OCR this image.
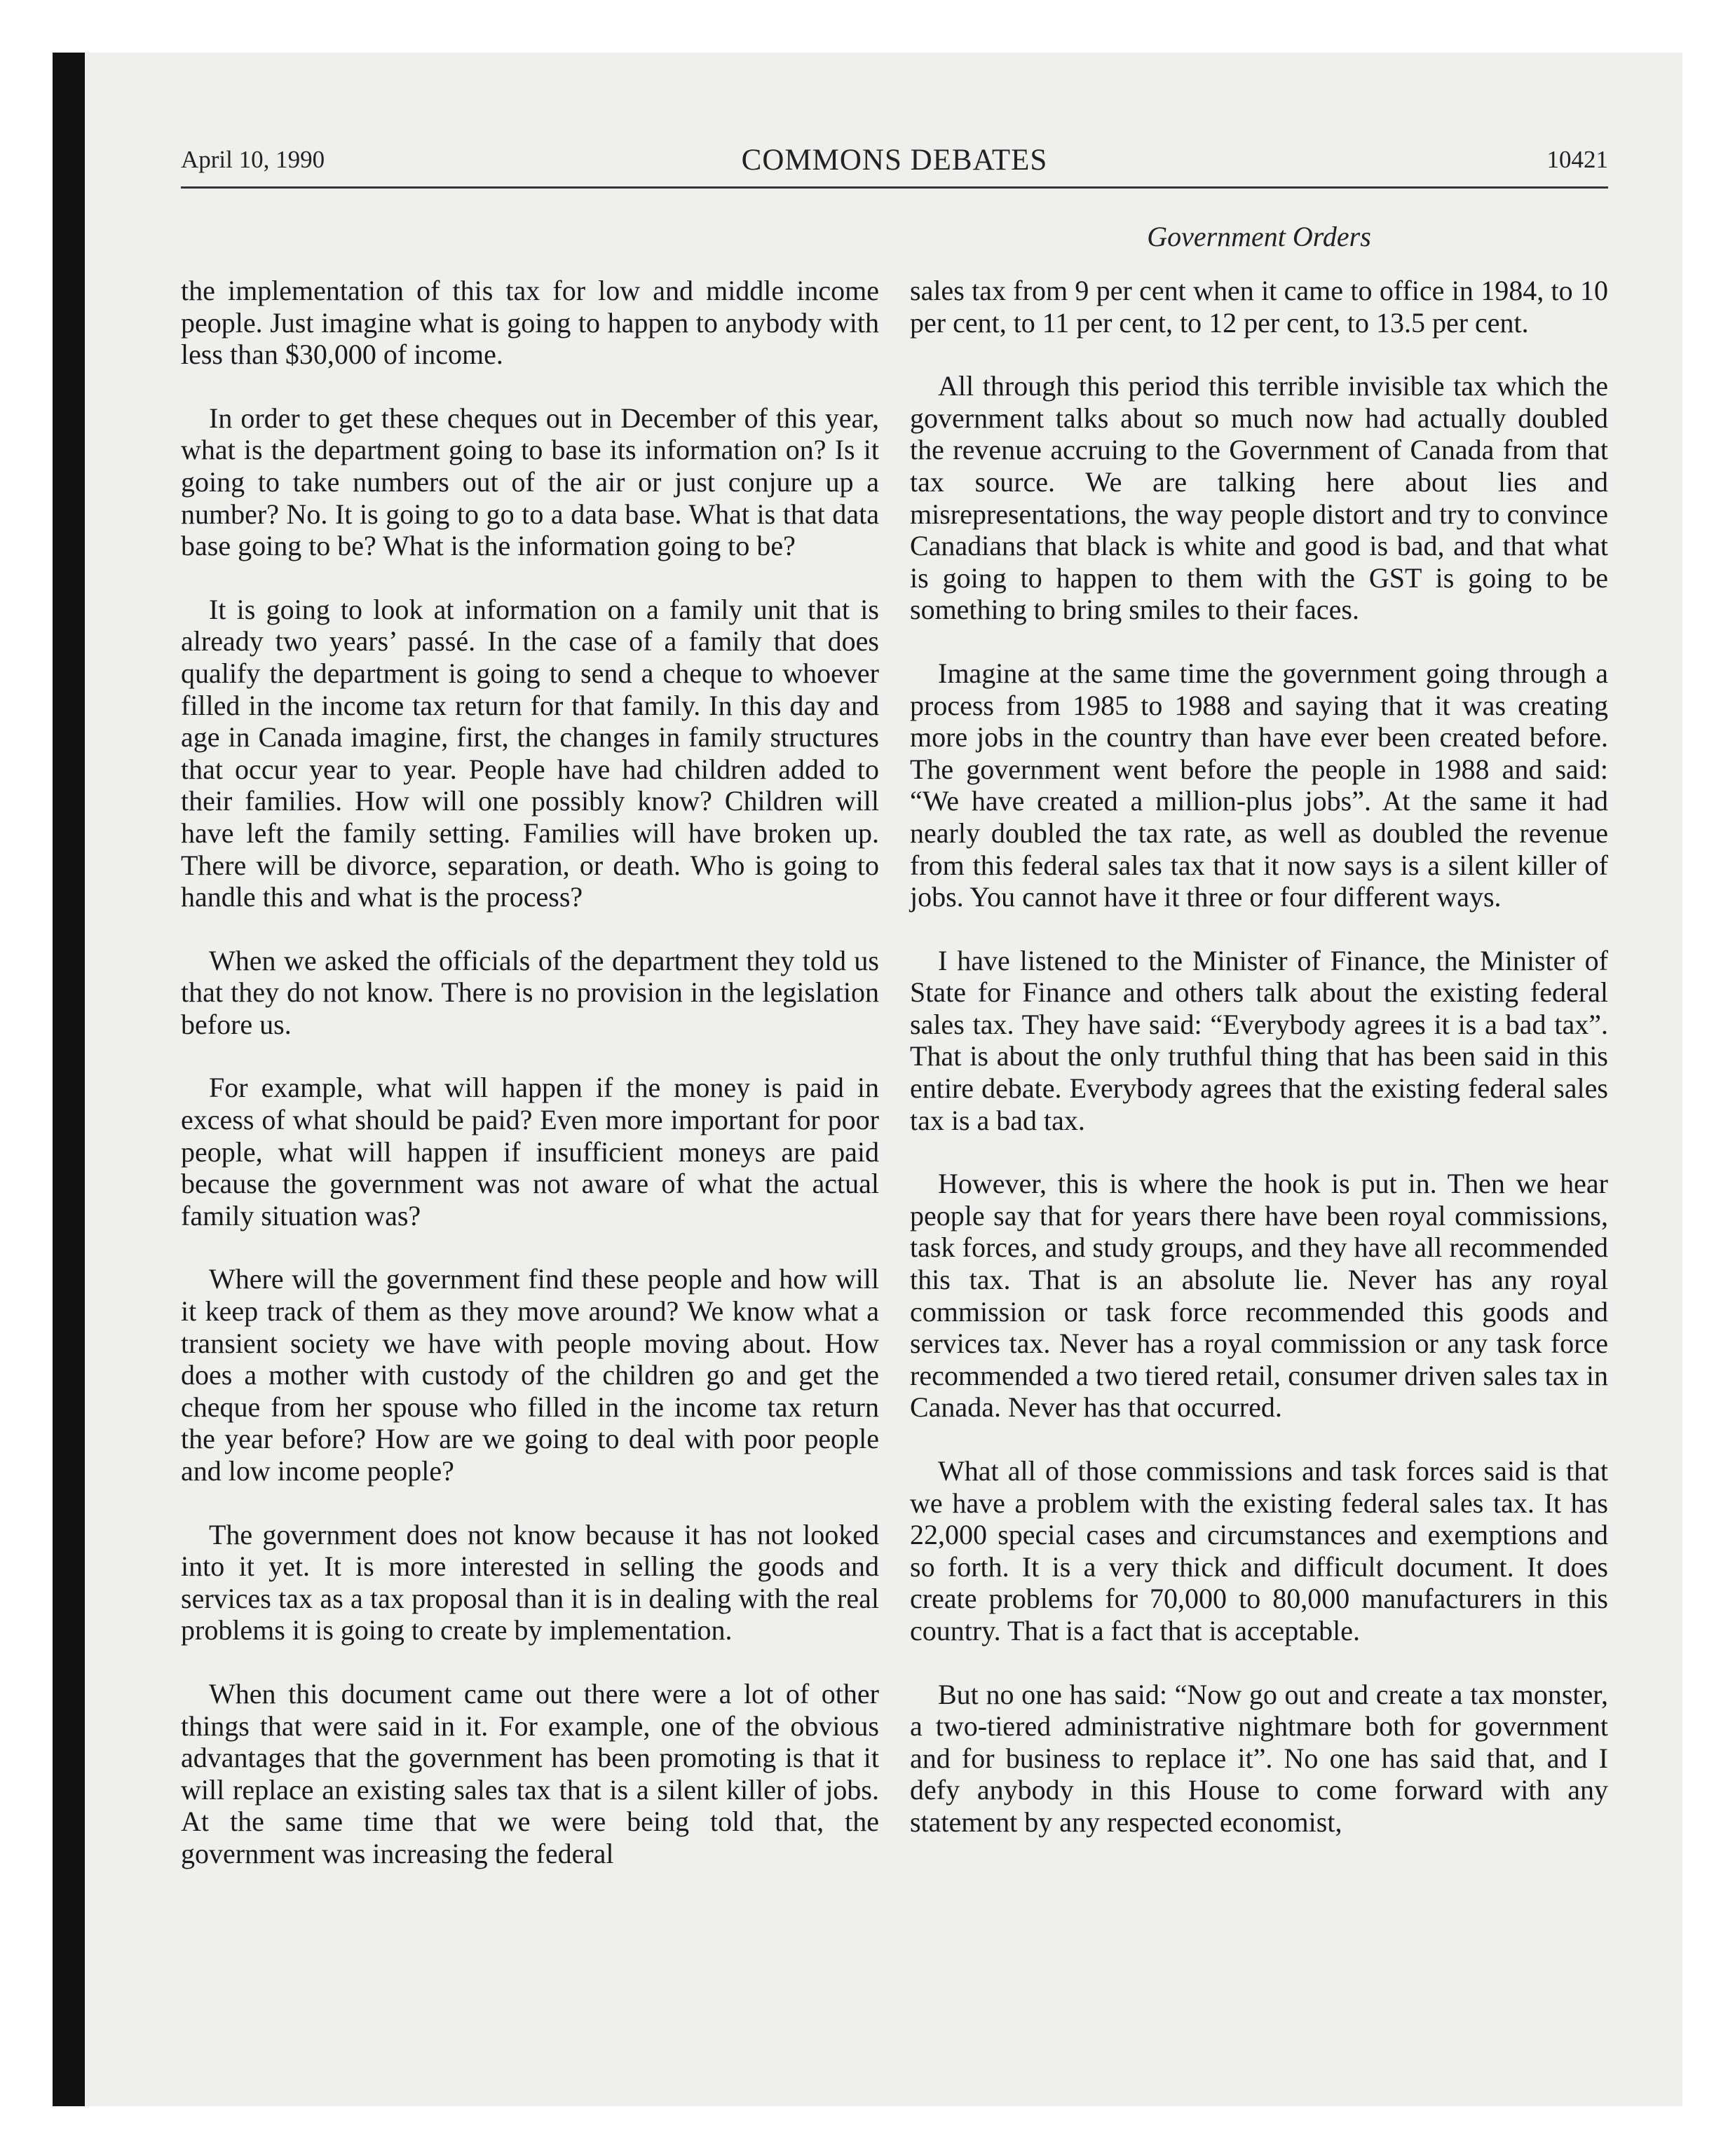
April 10, 1990	COMMONS DEBATES	10421
Government Orders

the implementation of this tax for low and middle income people. Just imagine what is going to happen to anybody with less than $30,000 of income.

In order to get these cheques out in December of this year, what is the department going to base its information on? Is it going to take numbers out of the air or just conjure up a number? No. It is going to go to a data base. What is that data base going to be? What is the information going to be?

It is going to look at information on a family unit that is already two years’ passé. In the case of a family that does qualify the department is going to send a cheque to whoever filled in the income tax return for that family. In this day and age in Canada imagine, first, the changes in family structures that occur year to year. People have had children added to their families. How will one possibly know? Children will have left the family setting. Families will have broken up. There will be divorce, separation, or death. Who is going to handle this and what is the process?

When we asked the officials of the department they told us that they do not know. There is no provision in the legislation before us.

For example, what will happen if the money is paid in excess of what should be paid? Even more important for poor people, what will happen if insufficient moneys are paid because the government was not aware of what the actual family situation was?

Where will the government find these people and how will it keep track of them as they move around? We know what a transient society we have with people moving about. How does a mother with custody of the children go and get the cheque from her spouse who filled in the income tax return the year before? How are we going to deal with poor people and low income people?

The government does not know because it has not looked into it yet. It is more interested in selling the goods and services tax as a tax proposal than it is in dealing with the real problems it is going to create by implementation.

When this document came out there were a lot of other things that were said in it. For example, one of the obvious advantages that the government has been promoting is that it will replace an existing sales tax that is a silent killer of jobs. At the same time that we were being told that, the government was increasing the federal

sales tax from 9 per cent when it came to office in 1984, to 10 per cent, to 11 per cent, to 12 per cent, to 13.5 per cent.

All through this period this terrible invisible tax which the government talks about so much now had actually doubled the revenue accruing to the Government of Canada from that tax source. We are talking here about lies and misrepresentations, the way people distort and try to convince Canadians that black is white and good is bad, and that what is going to happen to them with the GST is going to be something to bring smiles to their faces.

Imagine at the same time the government going through a process from 1985 to 1988 and saying that it was creating more jobs in the country than have ever been created before. The government went before the people in 1988 and said: “We have created a million-plus jobs”. At the same it had nearly doubled the tax rate, as well as doubled the revenue from this federal sales tax that it now says is a silent killer of jobs. You cannot have it three or four different ways.

I have listened to the Minister of Finance, the Minister of State for Finance and others talk about the existing federal sales tax. They have said: “Everybody agrees it is a bad tax”. That is about the only truthful thing that has been said in this entire debate. Everybody agrees that the existing federal sales tax is a bad tax.

However, this is where the hook is put in. Then we hear people say that for years there have been royal commissions, task forces, and study groups, and they have all recommended this tax. That is an absolute lie. Never has any royal commission or task force recommended this goods and services tax. Never has a royal commission or any task force recommended a two tiered retail, consumer driven sales tax in Canada. Never has that occurred.

What all of those commissions and task forces said is that we have a problem with the existing federal sales tax. It has 22,000 special cases and circumstances and exemptions and so forth. It is a very thick and difficult document. It does create problems for 70,000 to 80,000 manufacturers in this country. That is a fact that is acceptable.

But no one has said: “Now go out and create a tax monster, a two-tiered administrative nightmare both for government and for business to replace it”. No one has said that, and I defy anybody in this House to come forward with any statement by any respected economist,
